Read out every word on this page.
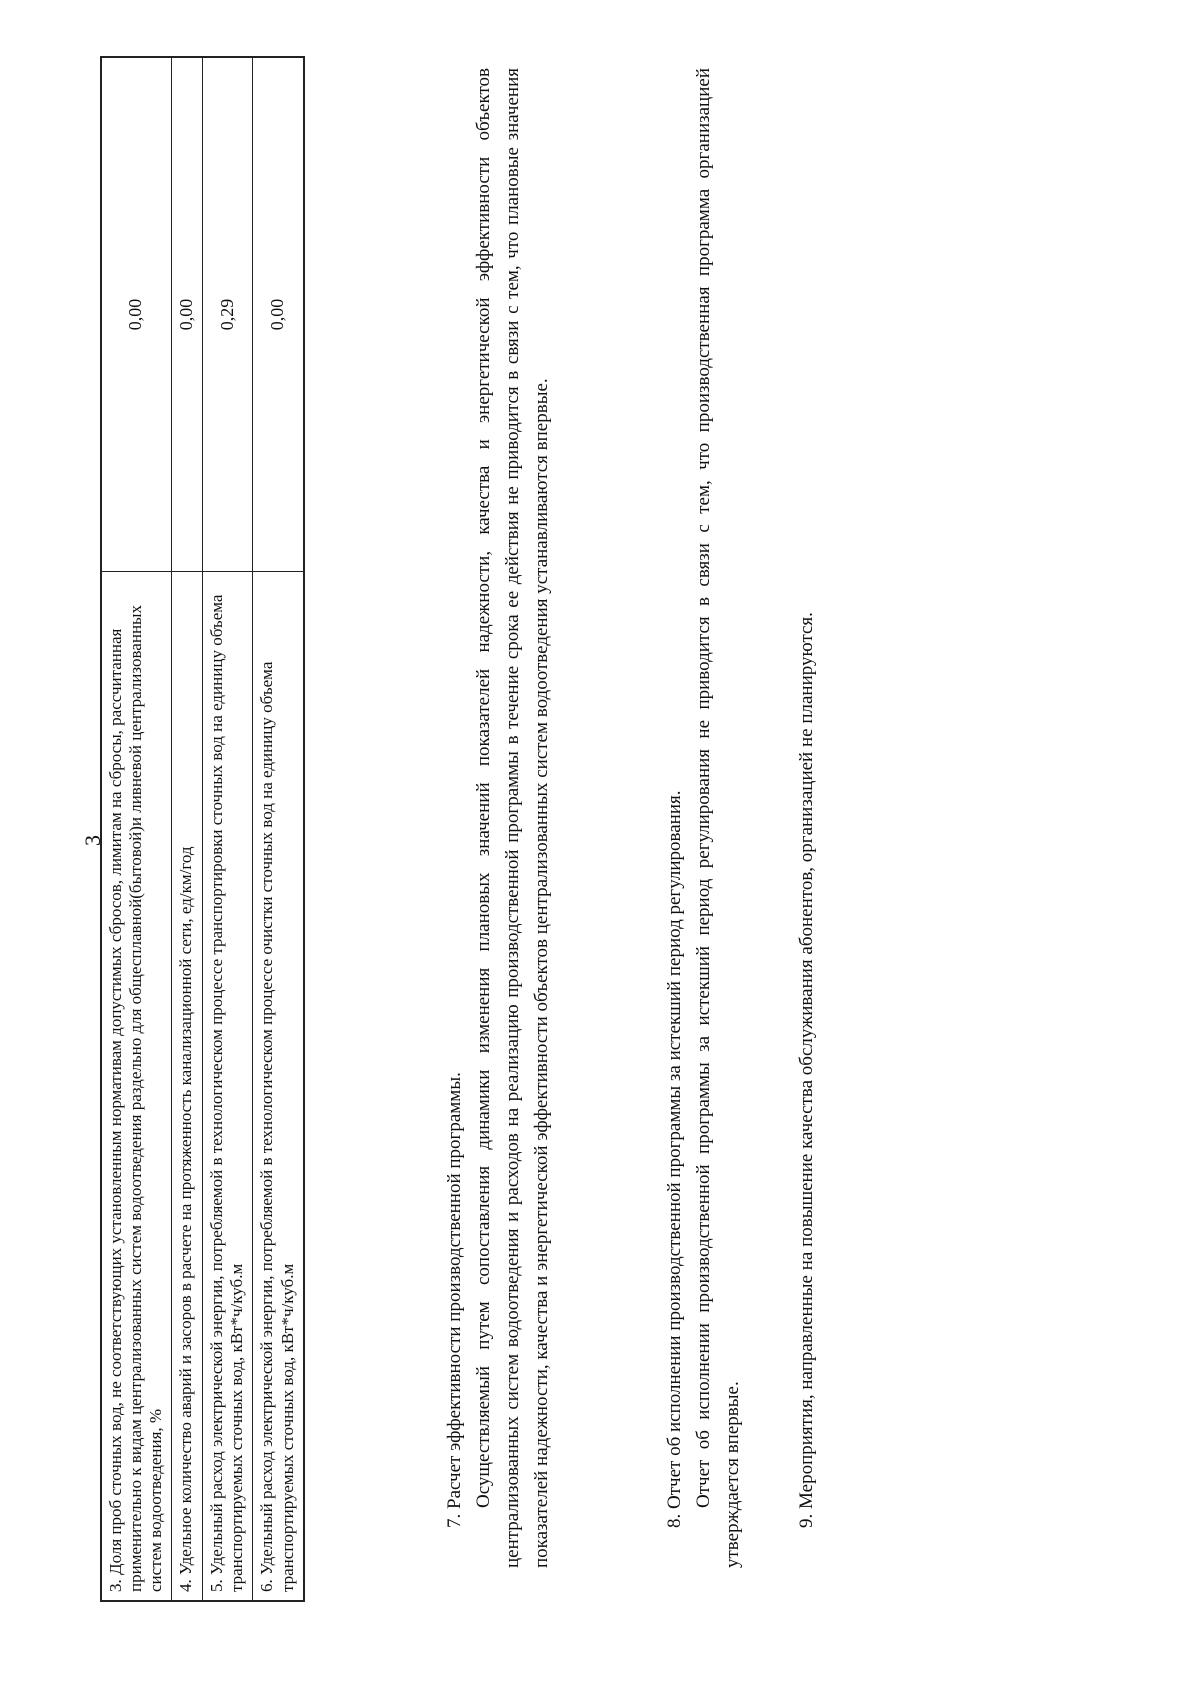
3 3. Доля проб сточных вод, не соответствующих установленным нормативам допустимых сбросов, лимитам на сбросы, рассчитанная применительно к видам централизованных систем водоотведения раздельно для общесплавной(бытовой)и ливневой централизованных систем водоотведения, %	0,00
4. Удельное количество аварий и засоров в расчете на протяженность канализационной сети, ед/км/год	0,00
5. Удельный расход электрической энергии, потребляемой в технологическом процессе транспортировки сточных вод на единицу объема транспортируемых сточных вод, кВт*ч/куб.м	0,29
6. Удельный расход электрической энергии, потребляемой в технологическом процессе очистки сточных вод на единицу объема транспортируемых сточных вод, кВт*ч/куб.м	0,00
7. Расчет эффективности производственной программы. Осуществляемый путем сопоставления динамики изменения плановых значений показателей надежности, качества и энергетической эффективности объектов централизованных систем водоотведения и расходов на реализацию производственной программы в течение срока ее действия не приводится в связи с тем, что плановые значения показателей надежности, качества и энергетической эффективности объектов централизованных систем водоотведения устанавливаются впервые.	8. Отчет об исполнении производственной программы за истекший период регулирования. Отчет об исполнении производственной программы за истекший период регулирования не приводится в связи с тем, что производственная программа организацией утверждается впервые.	9. Мероприятия, направленные на повышение качества обслуживания абонентов, организацией не планируются.
